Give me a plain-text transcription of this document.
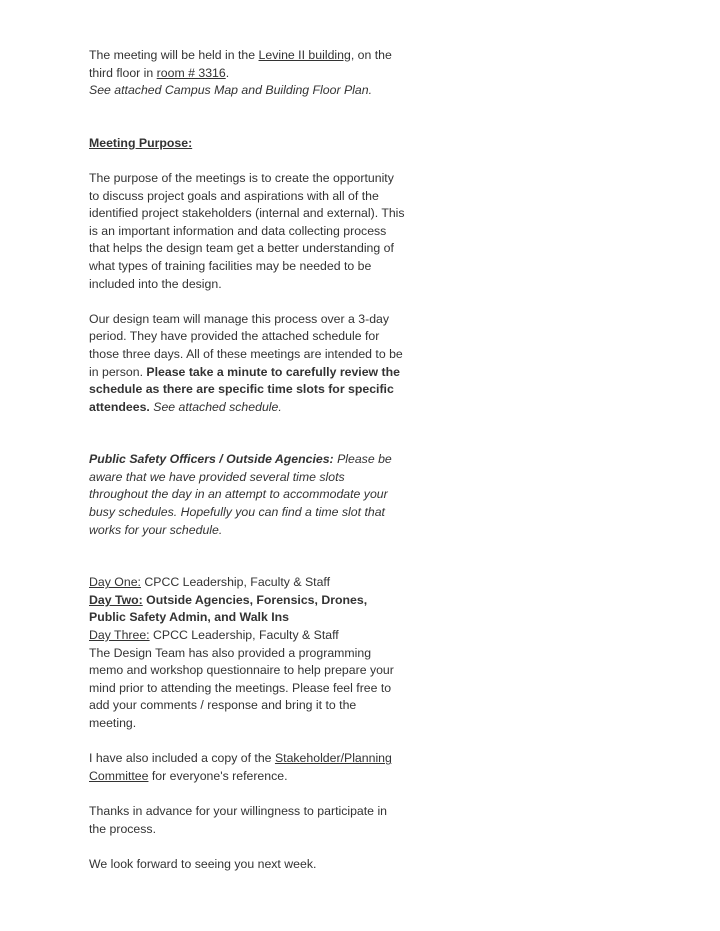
The meeting will be held in the Levine II building, on the third floor in room # 3316.

See attached Campus Map and Building Floor Plan.

Meeting Purpose:

The purpose of the meetings is to create the opportunity to discuss project goals and aspirations with all of the identified project stakeholders (internal and external). This is an important information and data collecting process that helps the design team get a better understanding of what types of training facilities may be needed to be included into the design.

Our design team will manage this process over a 3-day period. They have provided the attached schedule for those three days. All of these meetings are intended to be in person. Please take a minute to carefully review the schedule as there are specific time slots for specific attendees. See attached schedule.

Public Safety Officers / Outside Agencies: Please be aware that we have provided several time slots throughout the day in an attempt to accommodate your busy schedules. Hopefully you can find a time slot that works for your schedule.

Day One: CPCC Leadership, Faculty & Staff

Day Two: Outside Agencies, Forensics, Drones, Public Safety Admin, and Walk Ins

Day Three: CPCC Leadership, Faculty & Staff

The Design Team has also provided a programming memo and workshop questionnaire to help prepare your mind prior to attending the meetings. Please feel free to add your comments / response and bring it to the meeting.

I have also included a copy of the Stakeholder/Planning Committee for everyone's reference.

Thanks in advance for your willingness to participate in the process.

We look forward to seeing you next week.
